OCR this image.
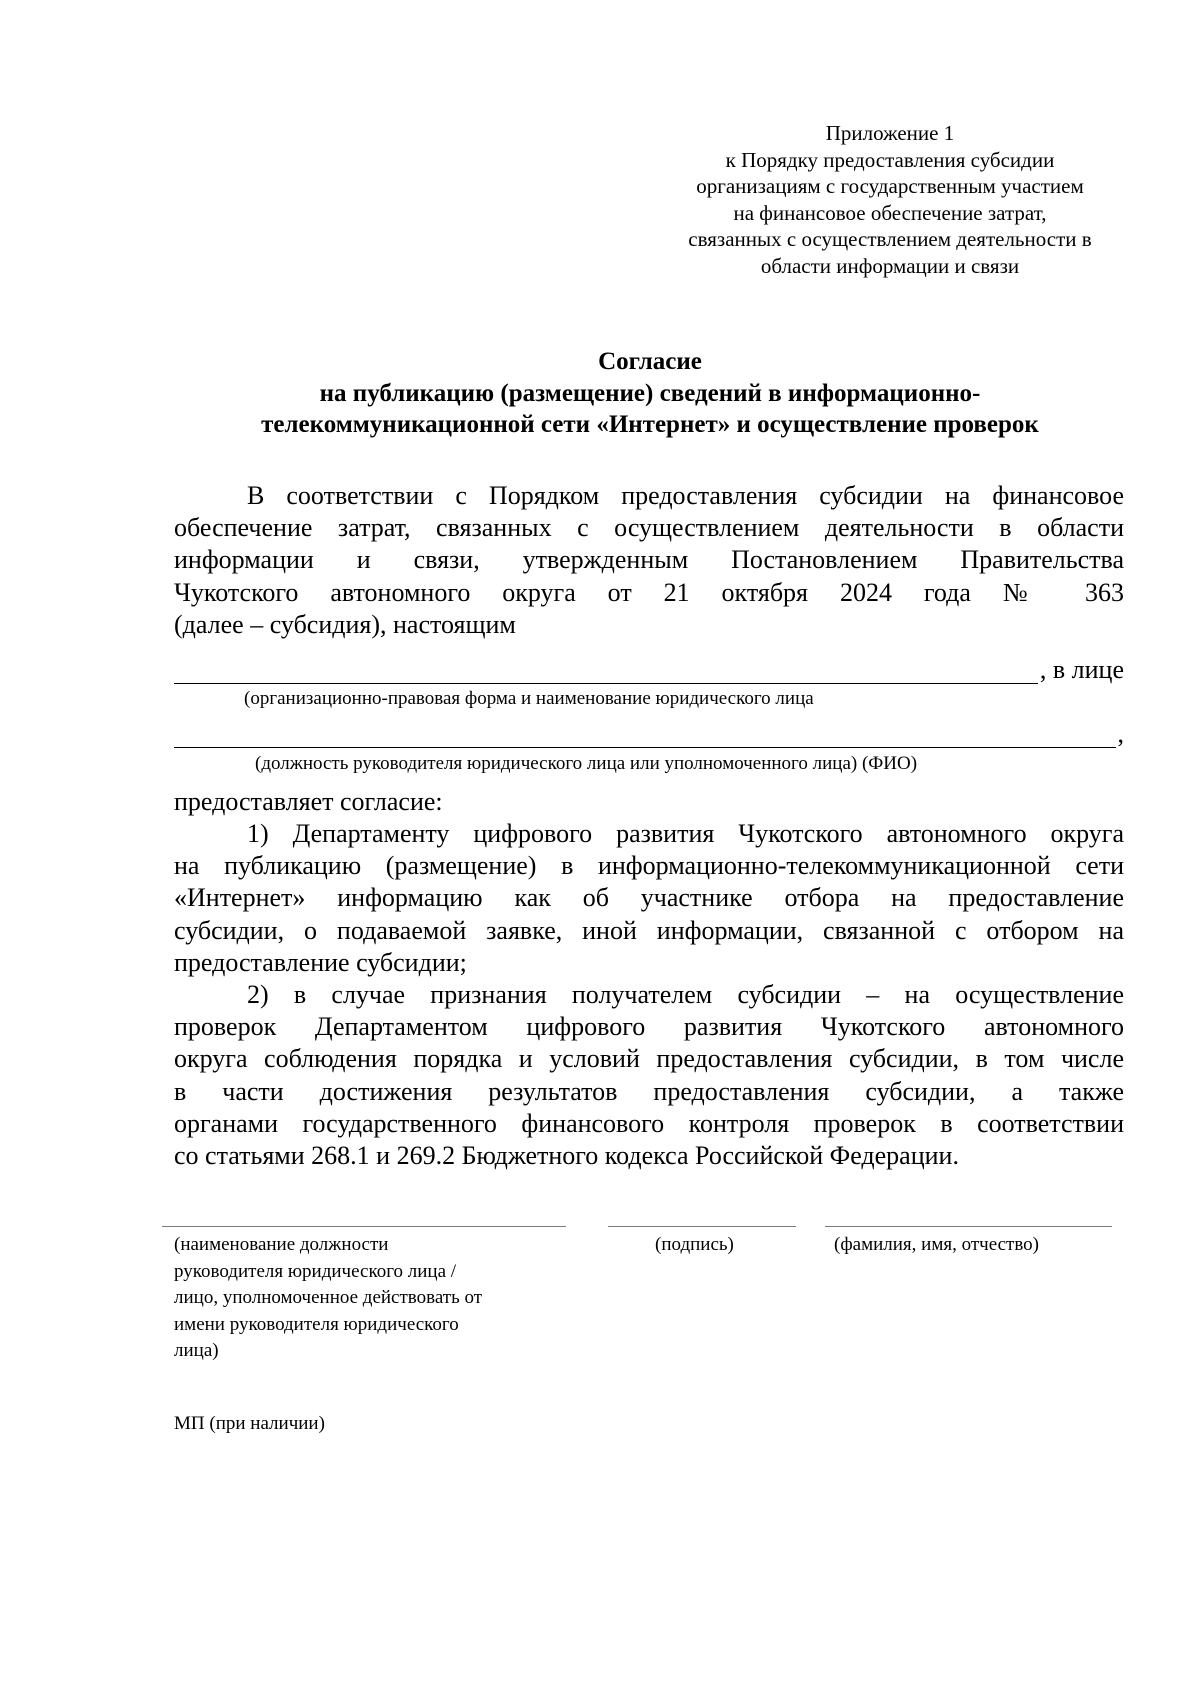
Приложение 1
к Порядку предоставления субсидии
организациям с государственным участием
на финансовое обеспечение затрат,
связанных с осуществлением деятельности в
области информации и связи
Согласие
на публикацию (размещение) сведений в информационно-
телекоммуникационной сети «Интернет» и осуществление проверок
В соответствии с Порядком предоставления субсидии на финансовое
обеспечение затрат, связанных с осуществлением деятельности в области
информации и связи, утвержденным Постановлением Правительства
Чукотского автономного округа от 21 октября 2024 года № 363
(далее – субсидия), настоящим
, в лице
(организационно-правовая форма и наименование юридического лица
,
(должность руководителя юридического лица или уполномоченного лица) (ФИО)
предоставляет согласие:
1) Департаменту цифрового развития Чукотского автономного округа
на публикацию (размещение) в информационно-телекоммуникационной сети
«Интернет» информацию как об участнике отбора на предоставление
субсидии, о подаваемой заявке, иной информации, связанной с отбором на
предоставление субсидии;
2) в случае признания получателем субсидии – на осуществление
проверок Департаментом цифрового развития Чукотского автономного
округа соблюдения порядка и условий предоставления субсидии, в том числе
в части достижения результатов предоставления субсидии, а также
органами государственного финансового контроля проверок в соответствии
со статьями 268.1 и 269.2 Бюджетного кодекса Российской Федерации.
(наименование должности
руководителя юридического лица /
лицо, уполномоченное действовать от
имени руководителя юридического
лица)
(подпись)	(фамилия, имя, отчество)
МП (при наличии)
